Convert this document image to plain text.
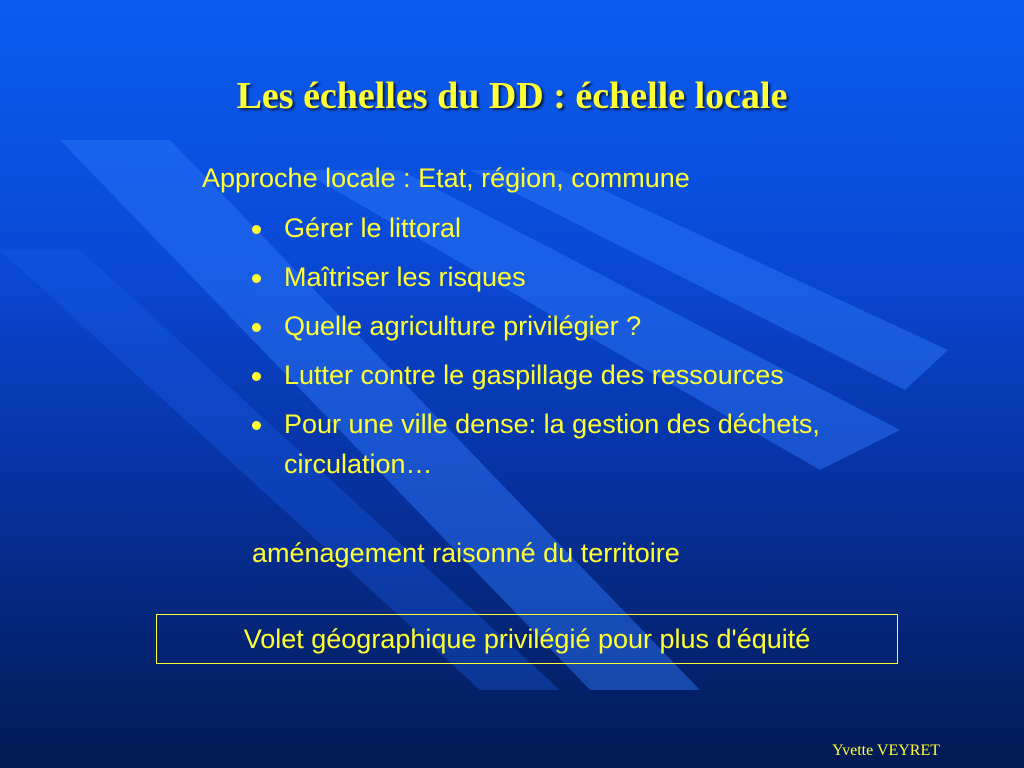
Les échelles du DD : échelle locale
Approche locale : Etat, région, commune
Gérer le littoral
Maîtriser les risques
Quelle agriculture privilégier ?
Lutter contre le gaspillage des ressources
Pour une ville dense: la gestion des déchets, circulation…
aménagement raisonné du territoire
Volet géographique privilégié pour plus d'équité
Yvette VEYRET
